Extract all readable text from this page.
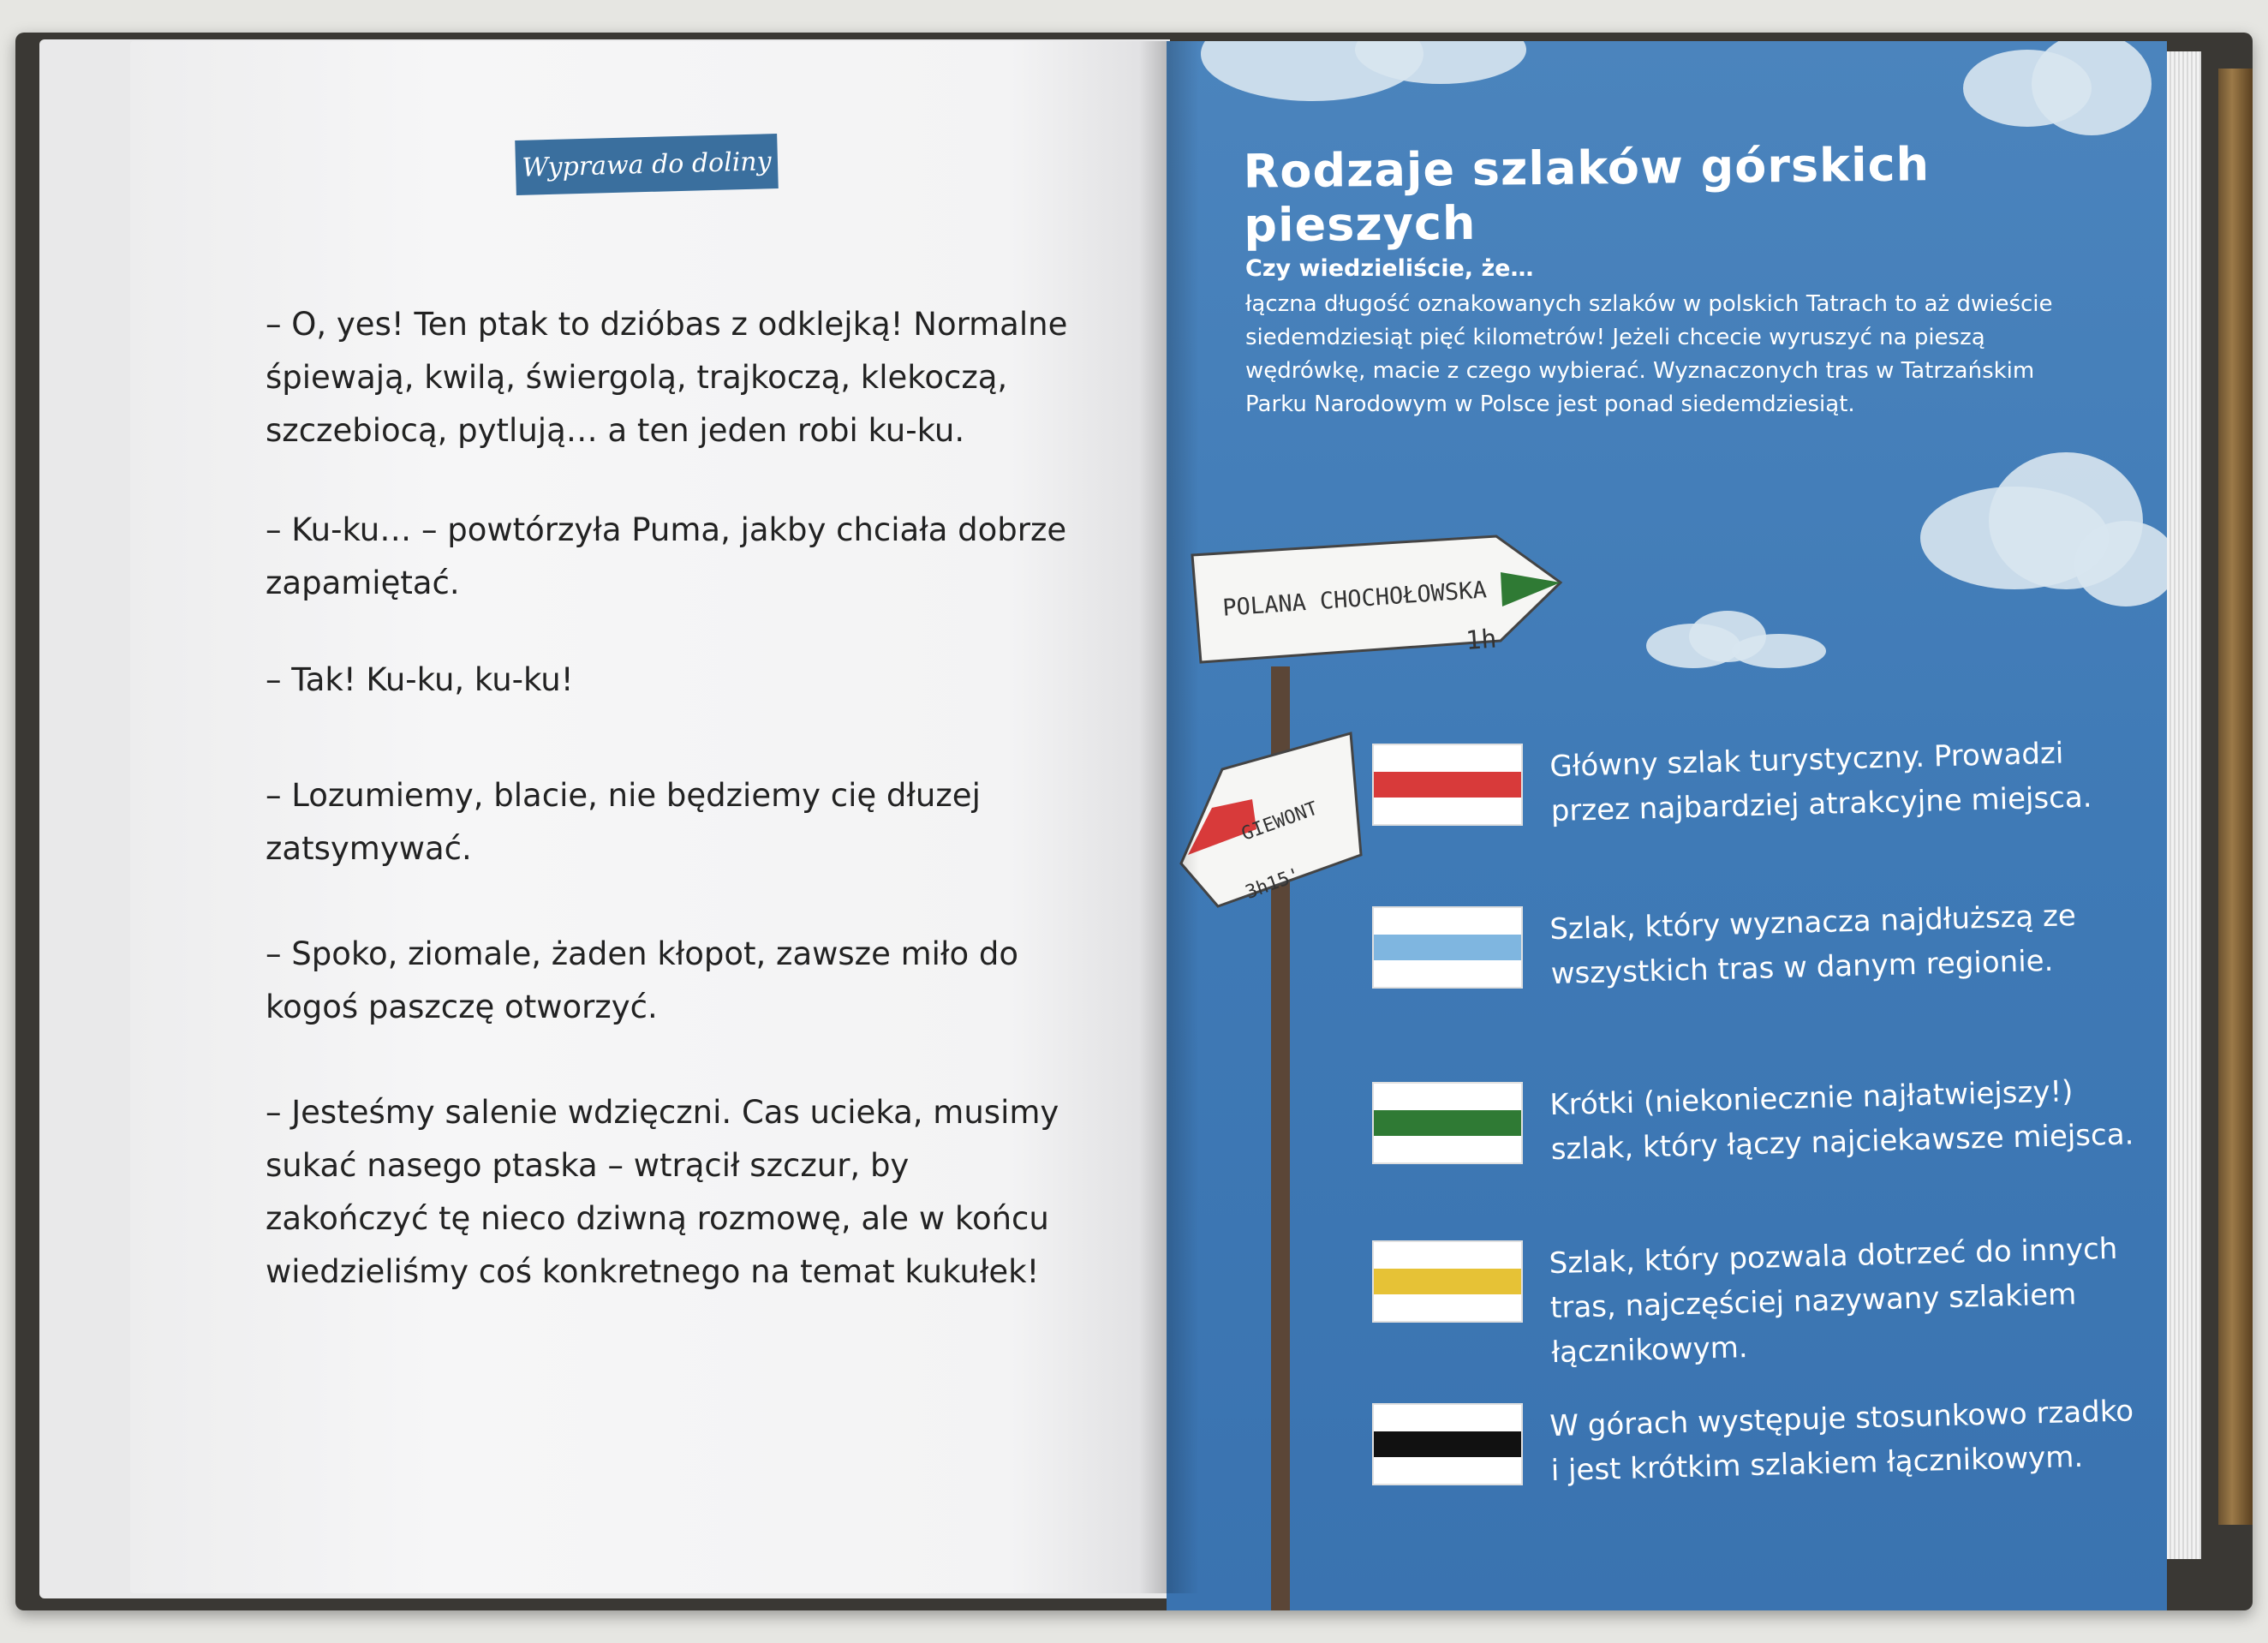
Wyprawa do doliny

– O, yes! Ten ptak to dzióbas z odklejką! Normalne śpiewają, kwilą, świergolą, trajkoczą, klekoczą, szczebiocą, pytlują… a ten jeden robi ku-ku.

– Ku-ku… – powtórzyła Puma, jakby chciała dobrze zapamiętać.

– Tak! Ku-ku, ku-ku!

– Lozumiemy, blacie, nie będziemy cię dłuzej zatsymywać.

– Spoko, ziomale, żaden kłopot, zawsze miło do kogoś paszczę otworzyć.

– Jesteśmy salenie wdzięczni. Cas ucieka, musimy sukać nasego ptaska – wtrącił szczur, by zakończyć tę nieco dziwną rozmowę, ale w końcu wiedzieliśmy coś konkretnego na temat kukułek!

Rodzaje szlaków górskich pieszych

Czy wiedzieliście, że…

łączna długość oznakowanych szlaków w polskich Tatrach to aż dwieście siedemdziesiąt pięć kilometrów! Jeżeli chcecie wyruszyć na pieszą wędrówkę, macie z czego wybierać. Wyznaczonych tras w Tatrzańskim Parku Narodowym w Polsce jest ponad siedemdziesiąt.

POLANA CHOCHOŁOWSKA
1h
GIEWONT
3h15'

Główny szlak turystyczny. Prowadzi przez najbardziej atrakcyjne miejsca.

Szlak, który wyznacza najdłuższą ze wszystkich tras w danym regionie.

Krótki (niekoniecznie najłatwiejszy!) szlak, który łączy najciekawsze miejsca.

Szlak, który pozwala dotrzeć do innych tras, najczęściej nazywany szlakiem łącznikowym.

W górach występuje stosunkowo rzadko i jest krótkim szlakiem łącznikowym.
